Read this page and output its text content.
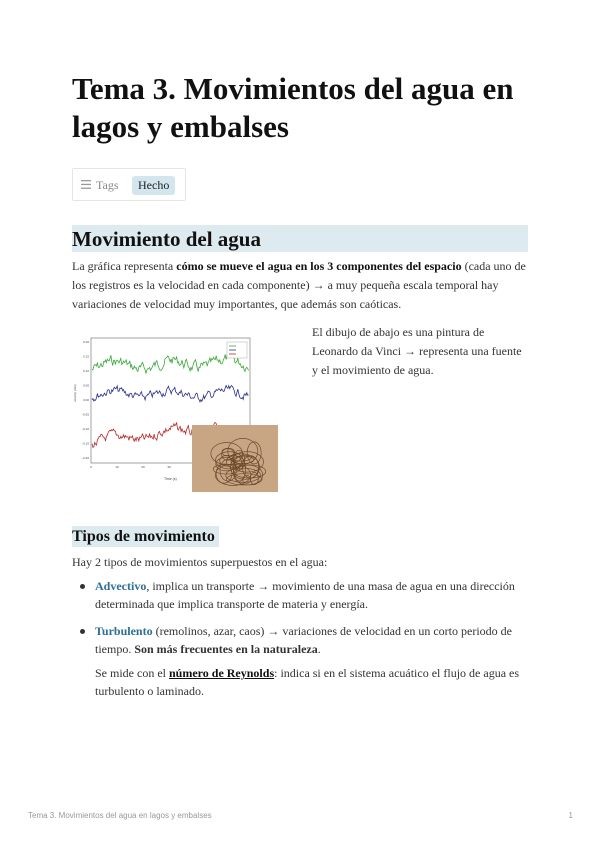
Tema 3. Movimientos del agua en lagos y embalses
Tags	Hecho
Movimiento del agua

La gráfica representa cómo se mueve el agua en los 3 componentes del espacio (cada uno de los registros es la velocidad en cada componente) → a muy pequeña escala temporal hay variaciones de velocidad muy importantes, que además son caóticas.

0.20
0.15
0.10
0.05
0.00
-0.05
-0.10
-0.15
-0.20
0	10	20	30
velocity (m/s)
Time (s)

El dibujo de abajo es una pintura de Leonardo da Vinci → representa una fuente y el movimiento de agua.

Tipos de movimiento

Hay 2 tipos de movimientos superpuestos en el agua:

Advectivo, implica un transporte → movimiento de una masa de agua en una dirección determinada que implica transporte de materia y energía.

Turbulento (remolinos, azar, caos) → variaciones de velocidad en un corto periodo de tiempo. Son más frecuentes en la naturaleza.

Se mide con el número de Reynolds: indica si en el sistema acuático el flujo de agua es turbulento o laminado.

Tema 3. Movimientos del agua en lagos y embalses	1
